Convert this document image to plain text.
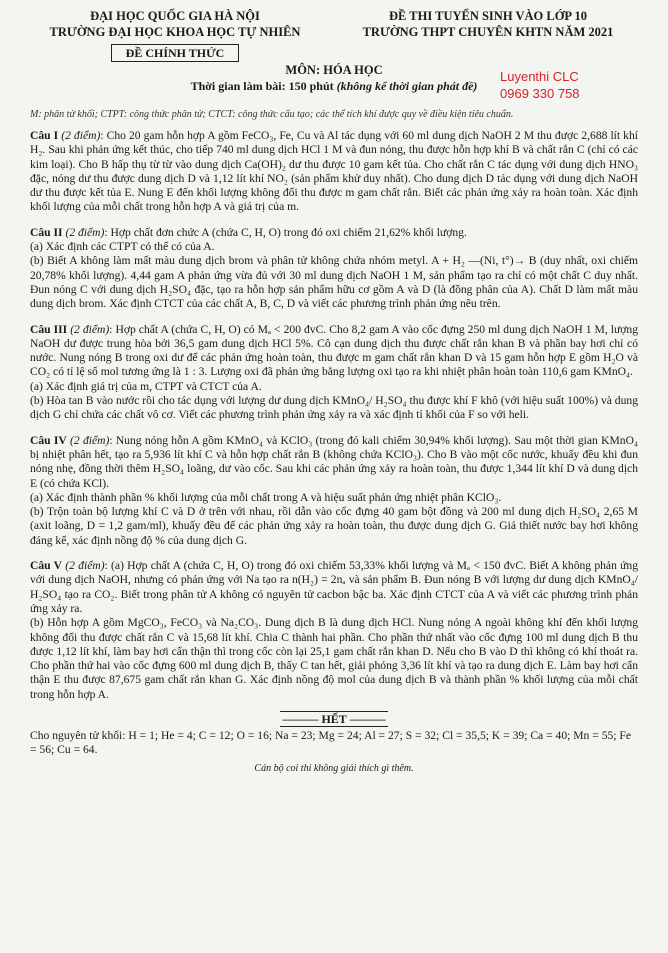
ĐẠI HỌC QUỐC GIA HÀ NỘI
TRƯỜNG ĐẠI HỌC KHOA HỌC TỰ NHIÊN
ĐỀ CHÍNH THỨC
ĐỀ THI TUYỂN SINH VÀO LỚP 10
TRƯỜNG THPT CHUYÊN KHTN NĂM 2021
Luyenthi CLC
0969 330 758
MÔN: HÓA HỌC
Thời gian làm bài: 150 phút (không kể thời gian phát đề)
M: phân tử khối; CTPT: công thức phân tử; CTCT: công thức cấu tạo; các thể tích khí được quy về điều kiện tiêu chuẩn.

Câu I (2 điểm): Cho 20 gam hỗn hợp A gồm FeCO₃, Fe, Cu và Al tác dụng với 60 ml dung dịch NaOH 2 M thu được 2,688 lít khí H₂. Sau khi phản ứng kết thúc, cho tiếp 740 ml dung dịch HCl 1 M và đun nóng, thu được hỗn hợp khí B và chất rắn C (chỉ có các kim loại). Cho B hấp thụ từ từ vào dung dịch Ca(OH)₂ dư thu được 10 gam kết tủa. Cho chất rắn C tác dụng với dung dịch HNO₃ đặc, nóng dư thu được dung dịch D và 1,12 lít khí NO₂ (sản phẩm khử duy nhất). Cho dung dịch D tác dụng với dung dịch NaOH dư thu được kết tủa E. Nung E đến khối lượng không đổi thu được m gam chất rắn. Biết các phản ứng xảy ra hoàn toàn. Xác định khối lượng của mỗi chất trong hỗn hợp A và giá trị của m.

Câu II (2 điểm): Hợp chất đơn chức A (chứa C, H, O) trong đó oxi chiếm 21,62% khối lượng.

(a) Xác định các CTPT có thể có của A.

(b) Biết A không làm mất màu dung dịch brom và phân tử không chứa nhóm metyl. A + H₂ —(Ni, t°)→ B (duy nhất, oxi chiếm 20,78% khối lượng). 4,44 gam A phản ứng vừa đủ với 30 ml dung dịch NaOH 1 M, sản phẩm tạo ra chỉ có một chất C duy nhất. Đun nóng C với dung dịch H₂SO₄ đặc, tạo ra hỗn hợp sản phẩm hữu cơ gồm A và D (là đồng phân của A). Chất D làm mất màu dung dịch brom. Xác định CTCT của các chất A, B, C, D và viết các phương trình phản ứng nêu trên.

Câu III (2 điểm): Hợp chất A (chứa C, H, O) có Mₐ < 200 đvC. Cho 8,2 gam A vào cốc đựng 250 ml dung dịch NaOH 1 M, lượng NaOH dư được trung hòa bởi 36,5 gam dung dịch HCl 5%. Cô cạn dung dịch thu được chất rắn khan B và phần bay hơi chỉ có nước. Nung nóng B trong oxi dư để các phản ứng hoàn toàn, thu được m gam chất rắn khan D và 15 gam hỗn hợp E gồm H₂O và CO₂ có tỉ lệ số mol tương ứng là 1 : 3. Lượng oxi đã phản ứng bằng lượng oxi tạo ra khi nhiệt phân hoàn toàn 110,6 gam KMnO₄.

(a) Xác định giá trị của m, CTPT và CTCT của A.

(b) Hòa tan B vào nước rồi cho tác dụng với lượng dư dung dịch KMnO₄/ H₂SO₄ thu được khí F khô (với hiệu suất 100%) và dung dịch G chỉ chứa các chất vô cơ. Viết các phương trình phản ứng xảy ra và xác định tỉ khối của F so với heli.

Câu IV (2 điểm): Nung nóng hỗn A gồm KMnO₄ và KClO₃ (trong đó kali chiếm 30,94% khối lượng). Sau một thời gian KMnO₄ bị nhiệt phân hết, tạo ra 5,936 lít khí C và hỗn hợp chất rắn B (không chứa KClO₃). Cho B vào một cốc nước, khuấy đều khi đun nóng nhẹ, đồng thời thêm H₂SO₄ loãng, dư vào cốc. Sau khi các phản ứng xảy ra hoàn toàn, thu được 1,344 lít khí D và dung dịch E (có chứa KCl).

(a) Xác định thành phần % khối lượng của mỗi chất trong A và hiệu suất phản ứng nhiệt phân KClO₃.

(b) Trộn toàn bộ lượng khí C và D ở trên với nhau, rồi dẫn vào cốc đựng 40 gam bột đồng và 200 ml dung dịch H₂SO₄ 2,65 M (axit loãng, D = 1,2 gam/ml), khuấy đều để các phản ứng xảy ra hoàn toàn, thu được dung dịch G. Giả thiết nước bay hơi không đáng kể, xác định nồng độ % của dung dịch G.

Câu V (2 điểm): (a) Hợp chất A (chứa C, H, O) trong đó oxi chiếm 53,33% khối lượng và Mₐ < 150 đvC. Biết A không phản ứng với dung dịch NaOH, nhưng có phản ứng với Na tạo ra n(H₂) = 2nₐ và sản phẩm B. Đun nóng B với lượng dư dung dịch KMnO₄/ H₂SO₄ tạo ra CO₂. Biết trong phân tử A không có nguyên tử cacbon bậc ba. Xác định CTCT của A và viết các phương trình phản ứng xảy ra.

(b) Hỗn hợp A gồm MgCO₃, FeCO₃ và Na₂CO₃. Dung dịch B là dung dịch HCl. Nung nóng A ngoài không khí đến khối lượng không đổi thu được chất rắn C và 15,68 lít khí. Chia C thành hai phần. Cho phần thứ nhất vào cốc đựng 100 ml dung dịch B thu được 1,12 lít khí, làm bay hơi cẩn thận thì trong cốc còn lại 25,1 gam chất rắn khan D. Nếu cho B vào D thì không có khí thoát ra. Cho phần thứ hai vào cốc đựng 600 ml dung dịch B, thấy C tan hết, giải phóng 3,36 lít khí và tạo ra dung dịch E. Làm bay hơi cẩn thận E thu được 87,675 gam chất rắn khan G. Xác định nồng độ mol của dung dịch B và thành phần % khối lượng của mỗi chất trong hỗn hợp A.

——— HẾT ———
Cho nguyên tử khối: H = 1; He = 4; C = 12; O = 16; Na = 23; Mg = 24; Al = 27; S = 32; Cl = 35,5; K = 39; Ca = 40; Mn = 55; Fe = 56; Cu = 64.
Cán bộ coi thi không giải thích gì thêm.
